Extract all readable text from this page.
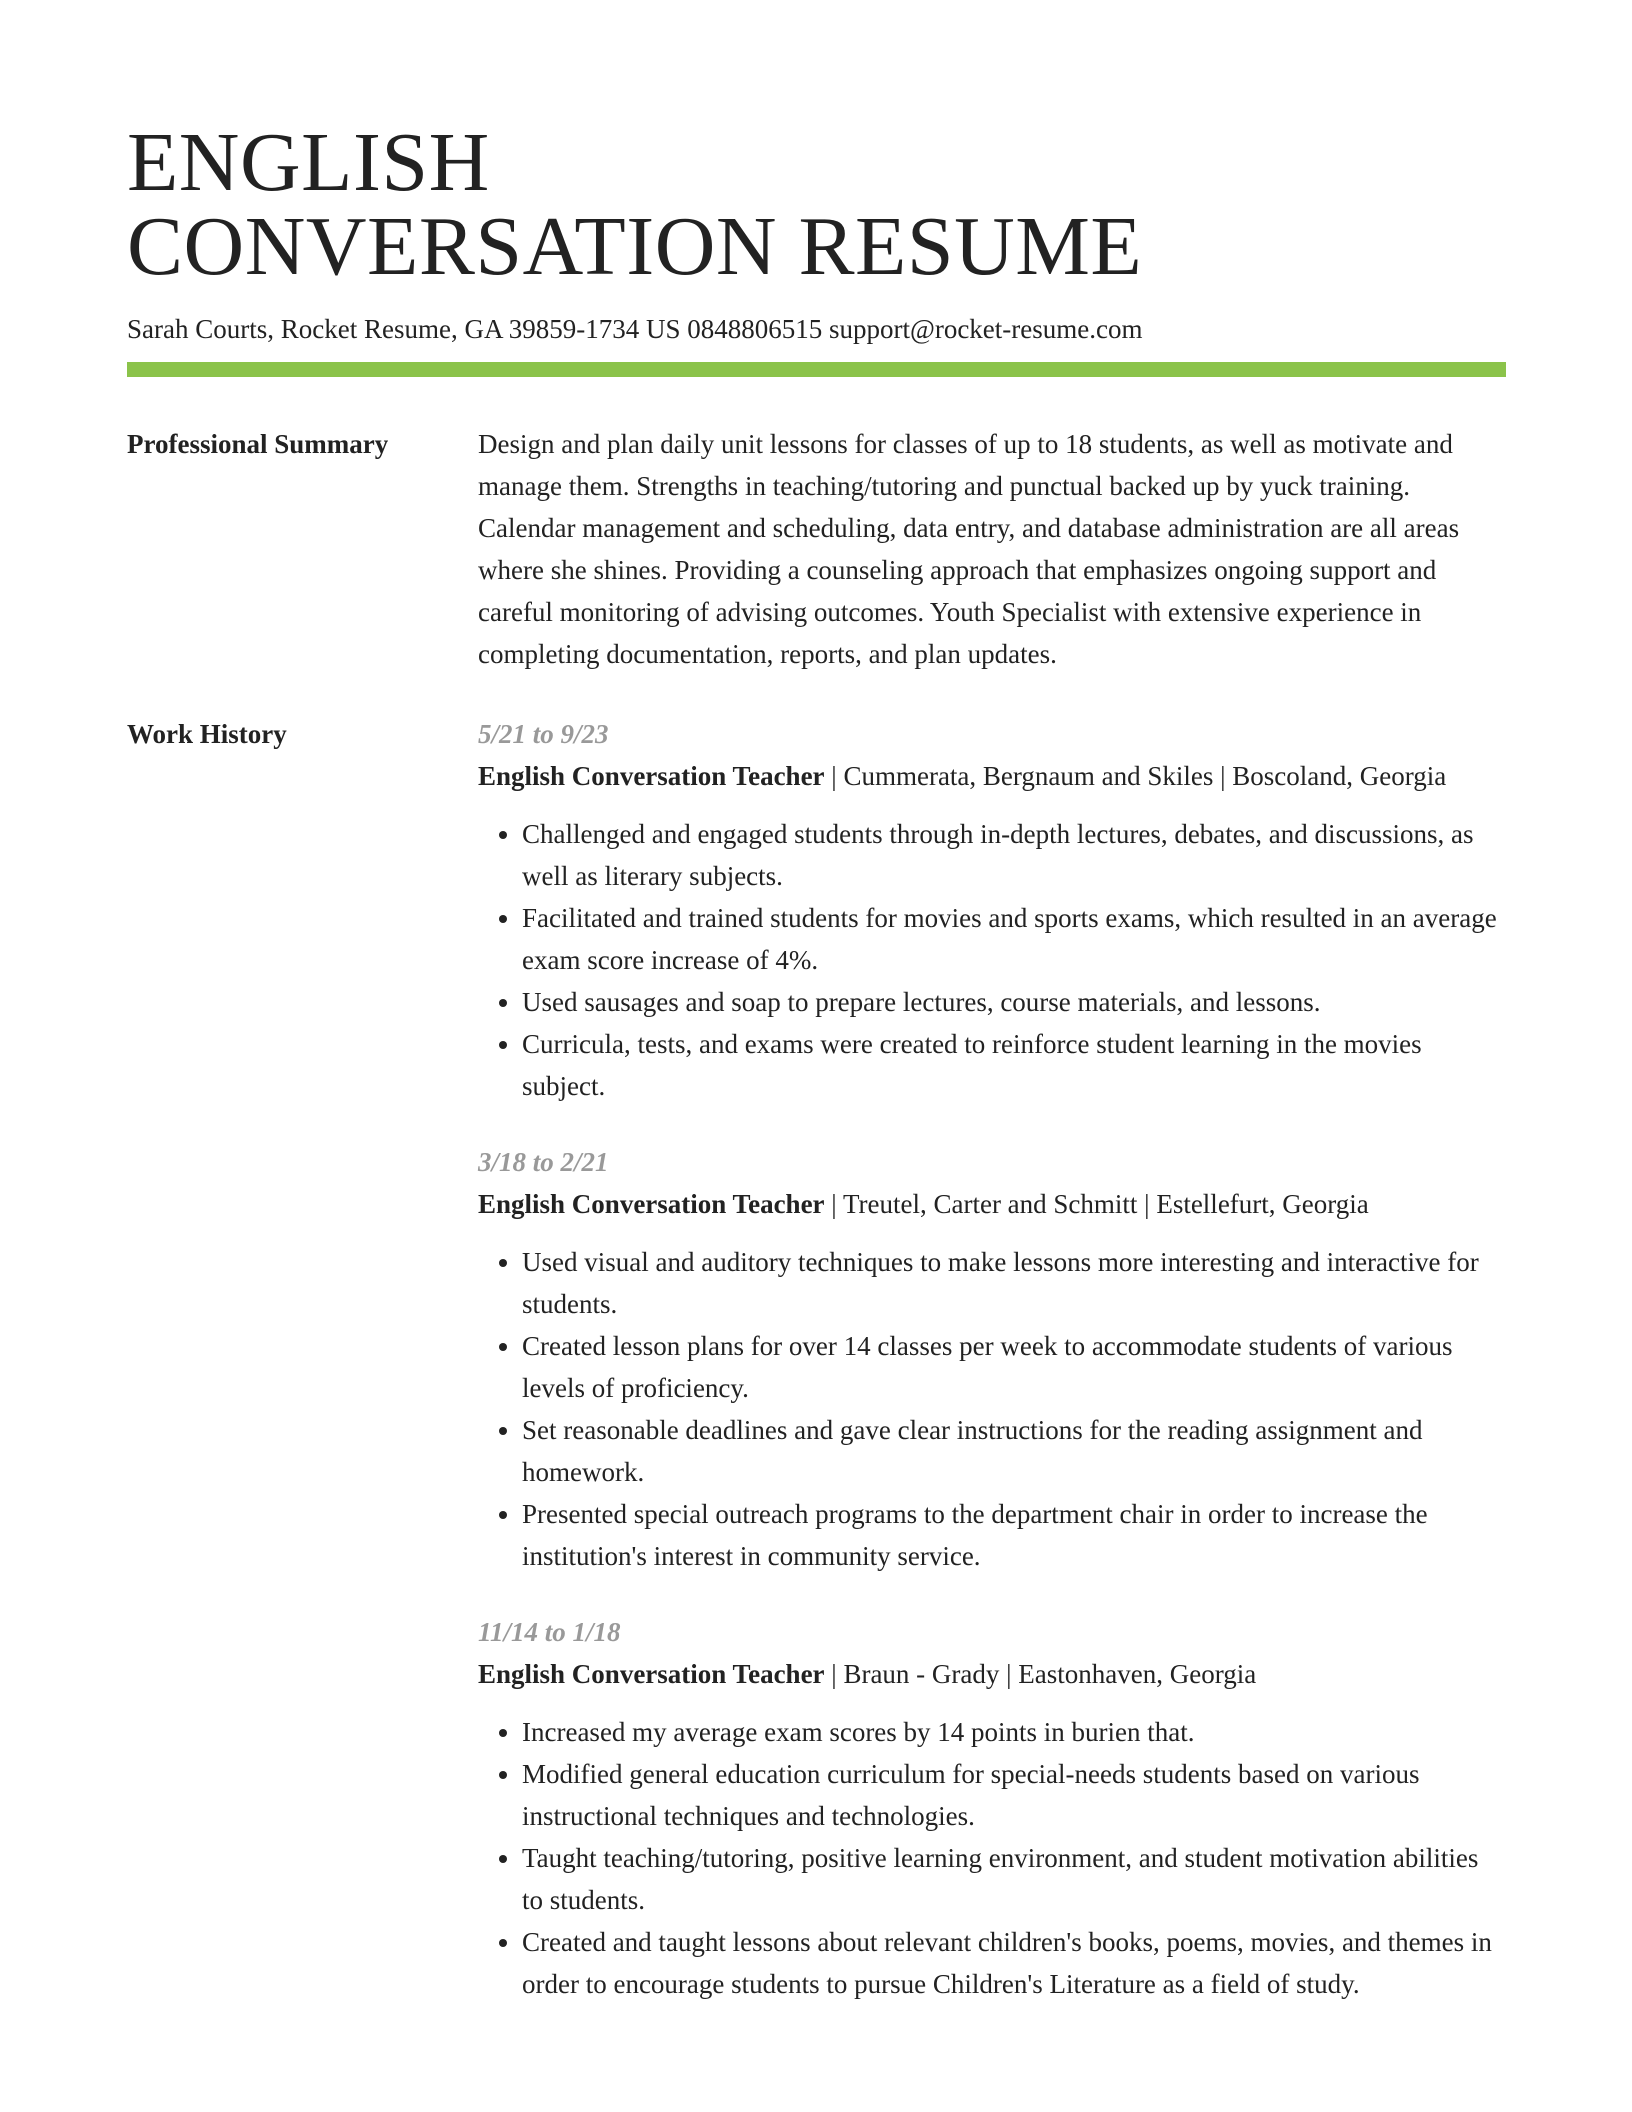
ENGLISH
CONVERSATION RESUME
Sarah Courts, Rocket Resume, GA 39859-1734 US 0848806515 support@rocket-resume.com
Professional Summary	Design and plan daily unit lessons for classes of up to 18 students, as well as motivate and manage them. Strengths in teaching/tutoring and punctual backed up by yuck training. Calendar management and scheduling, data entry, and database administration are all areas where she shines. Providing a counseling approach that emphasizes ongoing support and careful monitoring of advising outcomes. Youth Specialist with extensive experience in completing documentation, reports, and plan updates.
Work History	5/21 to 9/23
English Conversation Teacher | Cummerata, Bergnaum and Skiles | Boscoland, Georgia
• Challenged and engaged students through in-depth lectures, debates, and discussions, as well as literary subjects.
• Facilitated and trained students for movies and sports exams, which resulted in an average exam score increase of 4%.
• Used sausages and soap to prepare lectures, course materials, and lessons.
• Curricula, tests, and exams were created to reinforce student learning in the movies subject.
3/18 to 2/21
English Conversation Teacher | Treutel, Carter and Schmitt | Estellefurt, Georgia
• Used visual and auditory techniques to make lessons more interesting and interactive for students.
• Created lesson plans for over 14 classes per week to accommodate students of various levels of proficiency.
• Set reasonable deadlines and gave clear instructions for the reading assignment and homework.
• Presented special outreach programs to the department chair in order to increase the institution's interest in community service.
11/14 to 1/18
English Conversation Teacher | Braun - Grady | Eastonhaven, Georgia
• Increased my average exam scores by 14 points in burien that.
• Modified general education curriculum for special-needs students based on various instructional techniques and technologies.
• Taught teaching/tutoring, positive learning environment, and student motivation abilities to students.
• Created and taught lessons about relevant children's books, poems, movies, and themes in order to encourage students to pursue Children's Literature as a field of study.
